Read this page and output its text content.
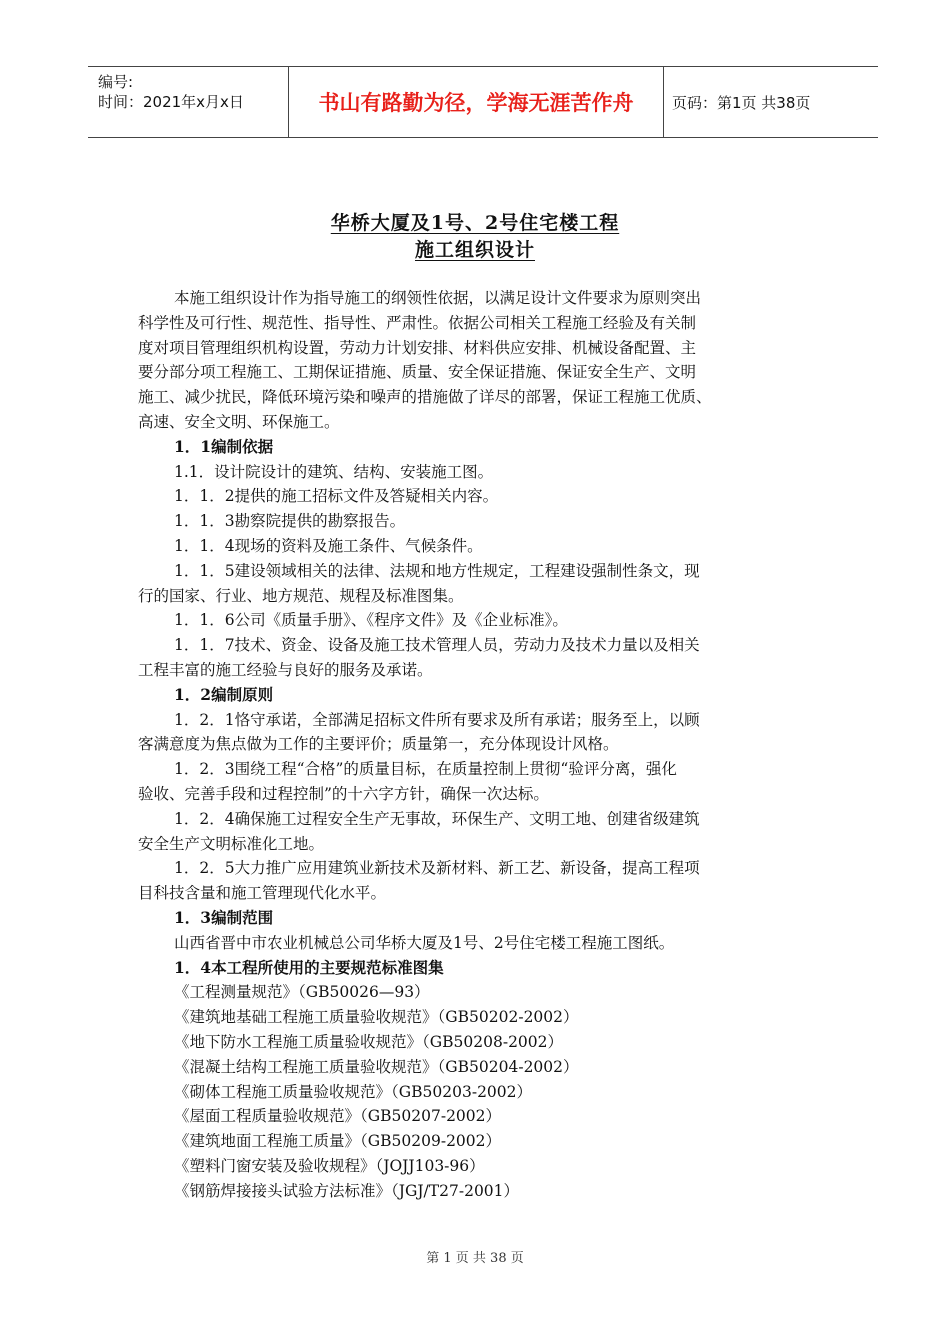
编号:
时间：2021年x月x日	书山有路勤为径，学海无涯苦作舟	页码：第1页 共38页
华桥大厦及1号、2号住宅楼工程
施工组织设计
本施工组织设计作为指导施工的纲领性依据，以满足设计文件要求为原则突出
科学性及可行性、规范性、指导性、严肃性。依据公司相关工程施工经验及有关制
度对项目管理组织机构设置，劳动力计划安排、材料供应安排、机械设备配置、主
要分部分项工程施工、工期保证措施、质量、安全保证措施、保证安全生产、文明
施工、减少扰民，降低环境污染和噪声的措施做了详尽的部署，保证工程施工优质、
高速、安全文明、环保施工。
1．1编制依据
1.1．设计院设计的建筑、结构、安装施工图。
1．1．2提供的施工招标文件及答疑相关内容。
1．1．3勘察院提供的勘察报告。
1．1．4现场的资料及施工条件、气候条件。
1．1．5建设领域相关的法律、法规和地方性规定，工程建设强制性条文，现
行的国家、行业、地方规范、规程及标准图集。
1．1．6公司《质量手册》、《程序文件》及《企业标准》。
1．1．7技术、资金、设备及施工技术管理人员，劳动力及技术力量以及相关
工程丰富的施工经验与良好的服务及承诺。
1．2编制原则
1．2．1恪守承诺，全部满足招标文件所有要求及所有承诺；服务至上，以顾
客满意度为焦点做为工作的主要评价；质量第一，充分体现设计风格。
1．2．3围绕工程“合格”的质量目标，在质量控制上贯彻“验评分离，强化
验收、完善手段和过程控制”的十六字方针，确保一次达标。
1．2．4确保施工过程安全生产无事故，环保生产、文明工地、创建省级建筑
安全生产文明标准化工地。
1．2．5大力推广应用建筑业新技术及新材料、新工艺、新设备，提高工程项
目科技含量和施工管理现代化水平。
1．3编制范围
山西省晋中市农业机械总公司华桥大厦及1号、2号住宅楼工程施工图纸。
1．4本工程所使用的主要规范标准图集
《工程测量规范》（GB50026—93）
《建筑地基础工程施工质量验收规范》（GB50202-2002）
《地下防水工程施工质量验收规范》（GB50208-2002）
《混凝土结构工程施工质量验收规范》（GB50204-2002）
《砌体工程施工质量验收规范》（GB50203-2002）
《屋面工程质量验收规范》（GB50207-2002）
《建筑地面工程施工质量》（GB50209-2002）
《塑料门窗安装及验收规程》（JOJJ103-96）
《钢筋焊接接头试验方法标准》（JGJ/T27-2001）
第 1 页 共 38 页
